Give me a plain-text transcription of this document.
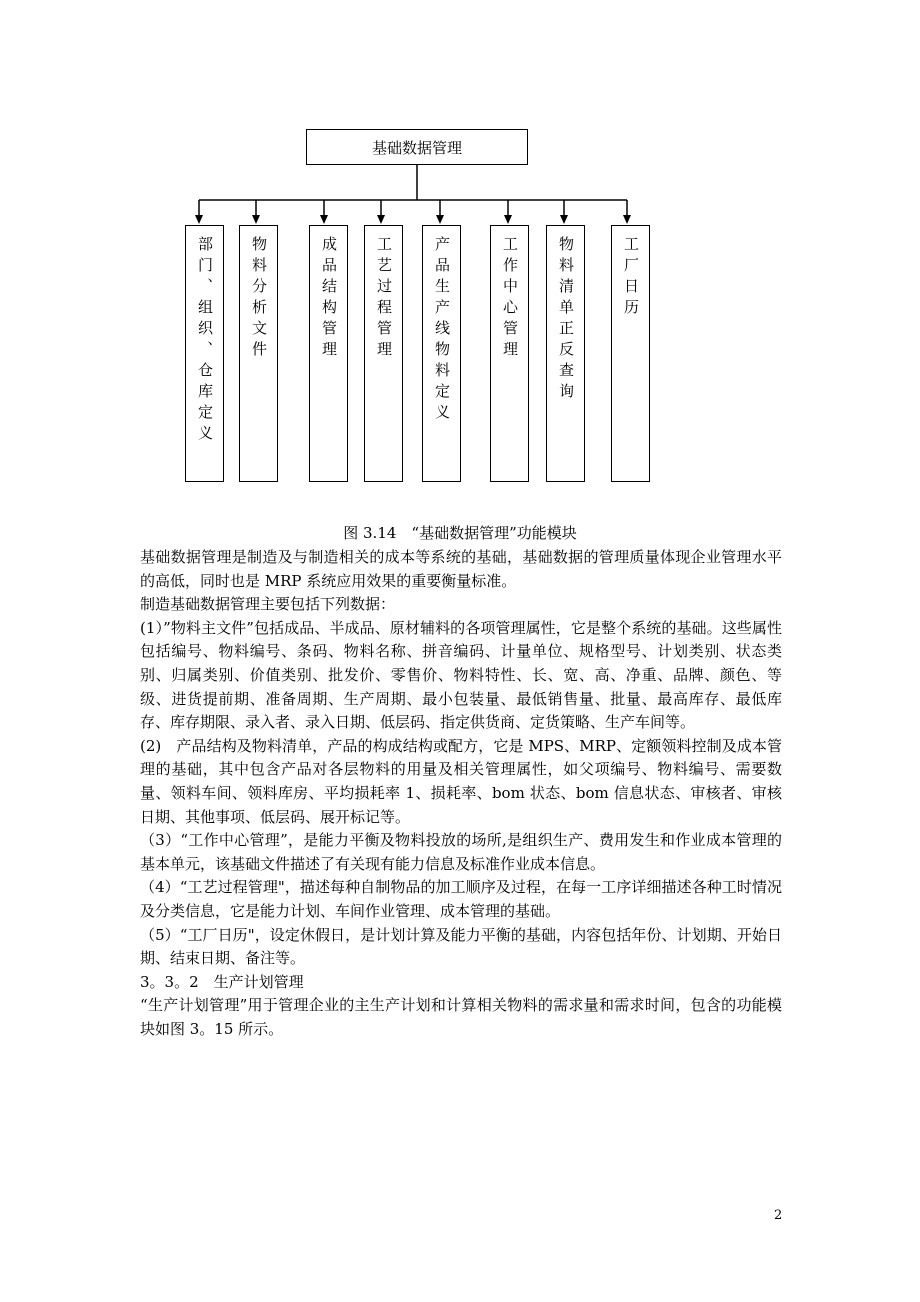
基础数据管理
部门、组织、仓库定义 物料分析文件	成品结构管理 工艺过程管理	产品生产线物料定义	工作中心管理	物料清单正反查询	工厂日历
图 3.14　“基础数据管理”功能模块

基础数据管理是制造及与制造相关的成本等系统的基础，基础数据的管理质量体现企业管理水平的高低，同时也是 MRP 系统应用效果的重要衡量标准。

制造基础数据管理主要包括下列数据：

(1）”物料主文件”包括成品、半成品、原材辅料的各项管理属性，它是整个系统的基础。这些属性包括编号、物料编号、条码、物料名称、拼音编码、计量单位、规格型号、计划类别、状态类别、归属类别、价值类别、批发价、零售价、物料特性、长、宽、高、净重、品牌、颜色、等级、进货提前期、准备周期、生产周期、最小包装量、最低销售量、批量、最高库存、最低库存、库存期限、录入者、录入日期、低层码、指定供货商、定货策略、生产车间等。

(2)　产品结构及物料清单，产品的构成结构或配方，它是 MPS、MRP、定额领料控制及成本管理的基础，其中包含产品对各层物料的用量及相关管理属性，如父项编号、物料编号、需要数量、领料车间、领料库房、平均损耗率 1、损耗率、bom 状态、bom 信息状态、审核者、审核日期、其他事项、低层码、展开标记等。

（3）“工作中心管理”，是能力平衡及物料投放的场所,是组织生产、费用发生和作业成本管理的基本单元，该基础文件描述了有关现有能力信息及标准作业成本信息。

（4）“工艺过程管理"，描述每种自制物品的加工顺序及过程，在每一工序详细描述各种工时情况及分类信息，它是能力计划、车间作业管理、成本管理的基础。

（5）“工厂日历"，设定休假日，是计划计算及能力平衡的基础，内容包括年份、计划期、开始日期、结束日期、备注等。

3。3。2　生产计划管理

“生产计划管理”用于管理企业的主生产计划和计算相关物料的需求量和需求时间，包含的功能模块如图 3。15 所示。

2
